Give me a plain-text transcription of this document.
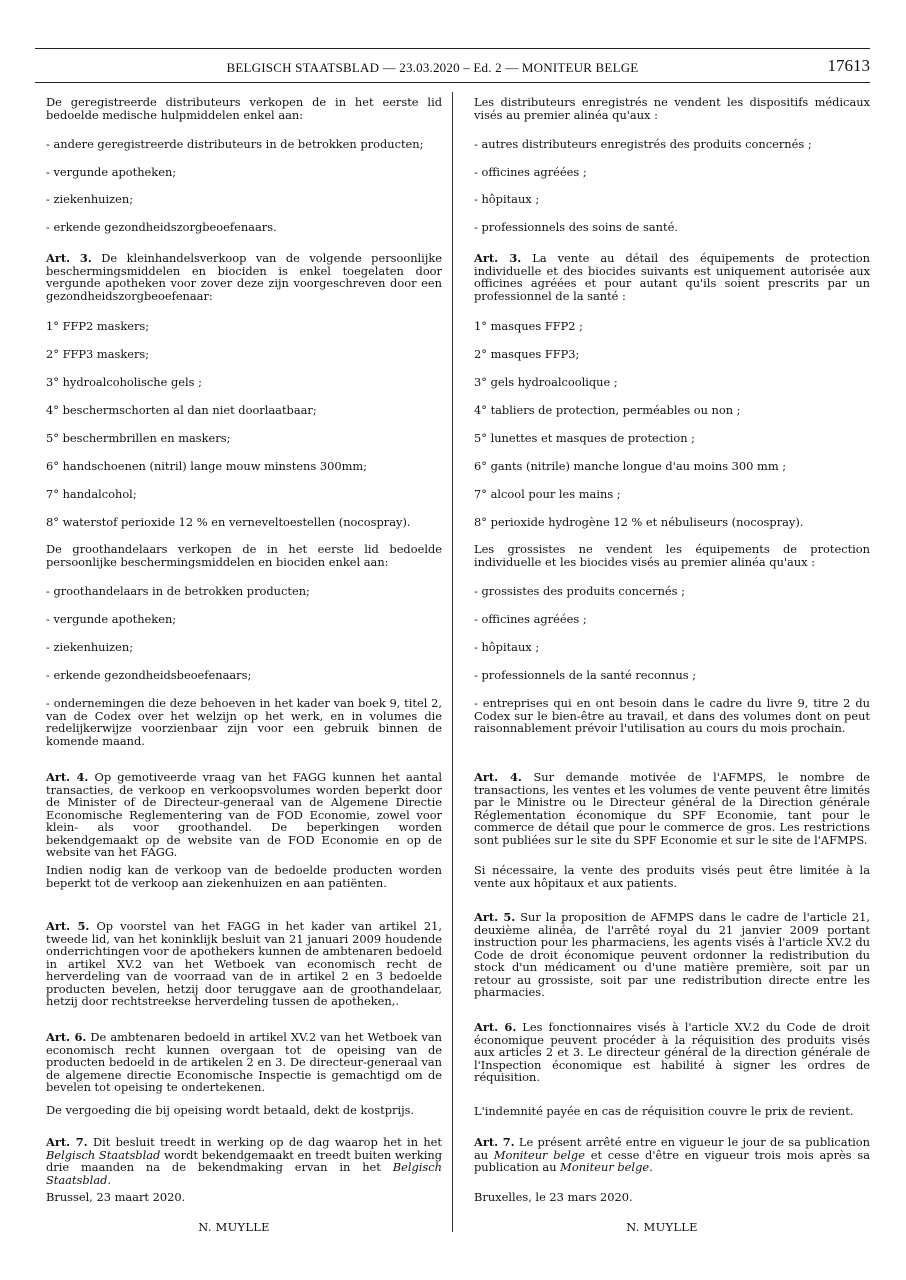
BELGISCH STAATSBLAD — 23.03.2020 – Ed. 2 — MONITEUR BELGE	17613

De geregistreerde distributeurs verkopen de in het eerste lid bedoelde medische hulpmiddelen enkel aan:

- andere geregistreerde distributeurs in de betrokken producten;

- vergunde apotheken;

- ziekenhuizen;

- erkende gezondheidszorgbeoefenaars.

Art. 3. De kleinhandelsverkoop van de volgende persoonlijke beschermingsmiddelen en biociden is enkel toegelaten door vergunde apotheken voor zover deze zijn voorgeschreven door een gezondheidszorgbeoefenaar:

1° FFP2 maskers;

2° FFP3 maskers;

3° hydroalcoholische gels ;

4° beschermschorten al dan niet doorlaatbaar;

5° beschermbrillen en maskers;

6° handschoenen (nitril) lange mouw minstens 300mm;

7° handalcohol;

8° waterstof perioxide 12 % en verneveltoestellen (nocospray).

De groothandelaars verkopen de in het eerste lid bedoelde persoonlijke beschermingsmiddelen en biociden enkel aan:

- groothandelaars in de betrokken producten;

- vergunde apotheken;

- ziekenhuizen;

- erkende gezondheidsbeoefenaars;

- ondernemingen die deze behoeven in het kader van boek 9, titel 2, van de Codex over het welzijn op het werk, en in volumes die redelijkerwijze voorzienbaar zijn voor een gebruik binnen de komende maand.

Art. 4. Op gemotiveerde vraag van het FAGG kunnen het aantal transacties, de verkoop en verkoopsvolumes worden beperkt door de Minister of de Directeur-generaal van de Algemene Directie Economische Reglementering van de FOD Economie, zowel voor klein- als voor groothandel. De beperkingen worden bekendgemaakt op de website van de FOD Economie en op de website van het FAGG.

Indien nodig kan de verkoop van de bedoelde producten worden beperkt tot de verkoop aan ziekenhuizen en aan patiënten.

Art. 5. Op voorstel van het FAGG in het kader van artikel 21, tweede lid, van het koninklijk besluit van 21 januari 2009 houdende onderrichtingen voor de apothekers kunnen de ambtenaren bedoeld in artikel XV.2 van het Wetboek van economisch recht de herverdeling van de voorraad van de in artikel 2 en 3 bedoelde producten bevelen, hetzij door teruggave aan de groothandelaar, hetzij door rechtstreekse herverdeling tussen de apotheken,.

Art. 6. De ambtenaren bedoeld in artikel XV.2 van het Wetboek van economisch recht kunnen overgaan tot de opeising van de producten bedoeld in de artikelen 2 en 3. De directeur-generaal van de algemene directie Economische Inspectie is gemachtigd om de bevelen tot opeising te ondertekenen.

De vergoeding die bij opeising wordt betaald, dekt de kostprijs.

Art. 7. Dit besluit treedt in werking op de dag waarop het in het Belgisch Staatsblad wordt bekendgemaakt en treedt buiten werking drie maanden na de bekendmaking ervan in het Belgisch Staatsblad.

Brussel, 23 maart 2020.

N. MUYLLE

Les distributeurs enregistrés ne vendent les dispositifs médicaux visés au premier alinéa qu'aux :

- autres distributeurs enregistrés des produits concernés ;

- officines agréées ;

- hôpitaux ;

- professionnels des soins de santé.

Art. 3. La vente au détail des équipements de protection individuelle et des biocides suivants est uniquement autorisée aux officines agréées et pour autant qu'ils soient prescrits par un professionnel de la santé :

1° masques FFP2 ;

2° masques FFP3;

3° gels hydroalcoolique ;

4° tabliers de protection, perméables ou non ;

5° lunettes et masques de protection ;

6° gants (nitrile) manche longue d'au moins 300 mm ;

7° alcool pour les mains ;

8° perioxide hydrogène 12 % et nébuliseurs (nocospray).

Les grossistes ne vendent les équipements de protection individuelle et les biocides visés au premier alinéa qu'aux :

- grossistes des produits concernés ;

- officines agréées ;

- hôpitaux ;

- professionnels de la santé reconnus ;

- entreprises qui en ont besoin dans le cadre du livre 9, titre 2 du Codex sur le bien-être au travail, et dans des volumes dont on peut raisonnablement prévoir l'utilisation au cours du mois prochain.

Art. 4. Sur demande motivée de l'AFMPS, le nombre de transactions, les ventes et les volumes de vente peuvent être limités par le Ministre ou le Directeur général de la Direction générale Réglementation économique du SPF Economie, tant pour le commerce de détail que pour le commerce de gros. Les restrictions sont publiées sur le site du SPF Economie et sur le site de l'AFMPS.

Si nécessaire, la vente des produits visés peut être limitée à la vente aux hôpitaux et aux patients.

Art. 5. Sur la proposition de AFMPS dans le cadre de l'article 21, deuxième alinéa, de l'arrêté royal du 21 janvier 2009 portant instruction pour les pharmaciens, les agents visés à l'article XV.2 du Code de droit économique peuvent ordonner la redistribution du stock d'un médicament ou d'une matière première, soit par un retour au grossiste, soit par une redistribution directe entre les pharmacies.

Art. 6. Les fonctionnaires visés à l'article XV.2 du Code de droit économique peuvent procéder à la réquisition des produits visés aux articles 2 et 3. Le directeur général de la direction générale de l'Inspection économique est habilité à signer les ordres de réquisition.

L'indemnité payée en cas de réquisition couvre le prix de revient.

Art. 7. Le présent arrêté entre en vigueur le jour de sa publication au Moniteur belge et cesse d'être en vigueur trois mois après sa publication au Moniteur belge.

Bruxelles, le 23 mars 2020.

N. MUYLLE
